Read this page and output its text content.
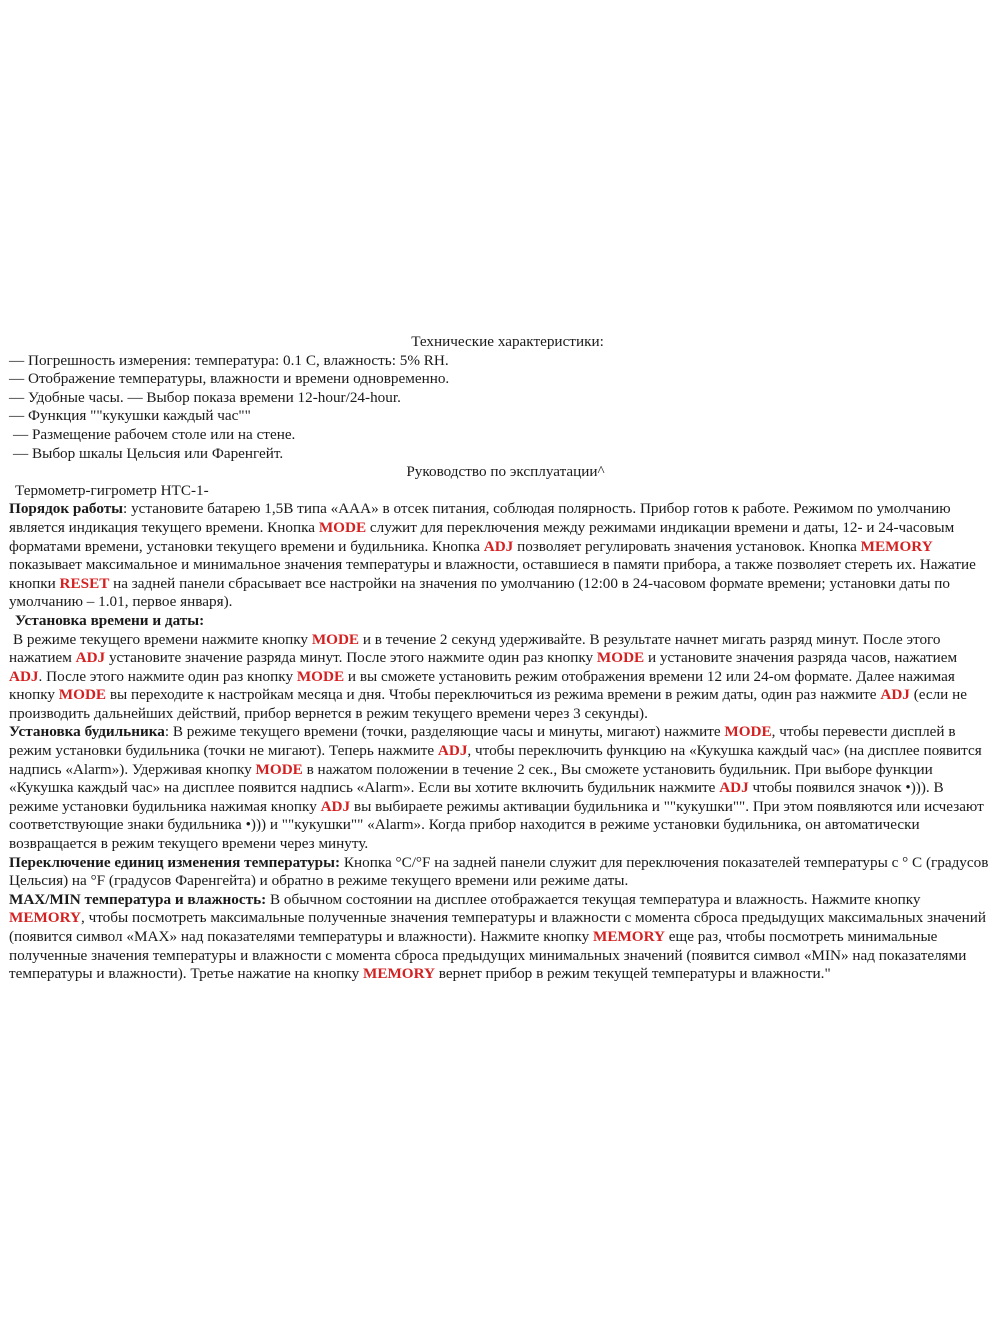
Технические характеристики:
— Погрешность измерения: температура: 0.1 С, влажность: 5% RH.
— Отображение температуры, влажности и времени одновременно.
— Удобные часы. — Выбор показа времени 12-hour/24-hour.
— Функция ""кукушки каждый час""
— Размещение рабочем столе или на стене.
— Выбор шкалы Цельсия или Фаренгейт.
Руководство по эксплуатации^
Термометр-гигрометр HTC-1-

Порядок работы: установите батарею 1,5В типа «ААА» в отсек питания, соблюдая полярность. Прибор готов к работе. Режимом по умолчанию является индикация текущего времени. Кнопка MODE служит для переключения между режимами индикации времени и даты, 12- и 24-часовым форматами времени, установки текущего времени и будильника. Кнопка ADJ позволяет регулировать значения установок. Кнопка MEMORY показывает максимальное и минимальное значения температуры и влажности, оставшиеся в памяти прибора, а также позволяет стереть их. Нажатие кнопки RESET на задней панели сбрасывает все настройки на значения по умолчанию (12:00 в 24-часовом формате времени; установки даты по умолчанию – 1.01, первое января).

Установка времени и даты:

В режиме текущего времени нажмите кнопку MODE и в течение 2 секунд удерживайте. В результате начнет мигать разряд минут. После этого нажатием ADJ установите значение разряда минут. После этого нажмите один раз кнопку MODE и установите значения разряда часов, нажатием ADJ. После этого нажмите один раз кнопку MODE и вы сможете установить режим отображения времени 12 или 24-ом формате. Далее нажимая кнопку MODE вы переходите к настройкам месяца и дня. Чтобы переключиться из режима времени в режим даты, один раз нажмите ADJ (если не производить дальнейших действий, прибор вернется в режим текущего времени через 3 секунды).

Установка будильника: В режиме текущего времени (точки, разделяющие часы и минуты, мигают) нажмите MODE, чтобы перевести дисплей в режим установки будильника (точки не мигают). Теперь нажмите ADJ, чтобы переключить функцию на «Кукушка каждый час» (на дисплее появится надпись «Alarm»). Удерживая кнопку MODE в нажатом положении в течение 2 сек., Вы сможете установить будильник. При выборе функции «Кукушка каждый час» на дисплее появится надпись «Alarm». Если вы хотите включить будильник нажмите ADJ чтобы появился значок •))). В режиме установки будильника нажимая кнопку ADJ вы выбираете режимы активации будильника и ""кукушки"". При этом появляются или исчезают соответствующие знаки будильника •))) и ""кукушки"" «Alarm». Когда прибор находится в режиме установки будильника, он автоматически возвращается в режим текущего времени через минуту.

Переключение единиц изменения температуры: Кнопка °C/°F на задней панели служит для переключения показателей температуры с ° C (градусов Цельсия) на °F (градусов Фаренгейта) и обратно в режиме текущего времени или режиме даты.

MAX/MIN температура и влажность: В обычном состоянии на дисплее отображается текущая температура и влажность. Нажмите кнопку MEMORY, чтобы посмотреть максимальные полученные значения температуры и влажности с момента сброса предыдущих максимальных значений (появится символ «MAX» над показателями температуры и влажности). Нажмите кнопку MEMORY еще раз, чтобы посмотреть минимальные полученные значения температуры и влажности с момента сброса предыдущих минимальных значений (появится символ «MIN» над показателями температуры и влажности). Третье нажатие на кнопку MEMORY вернет прибор в режим текущей температуры и влажности."
